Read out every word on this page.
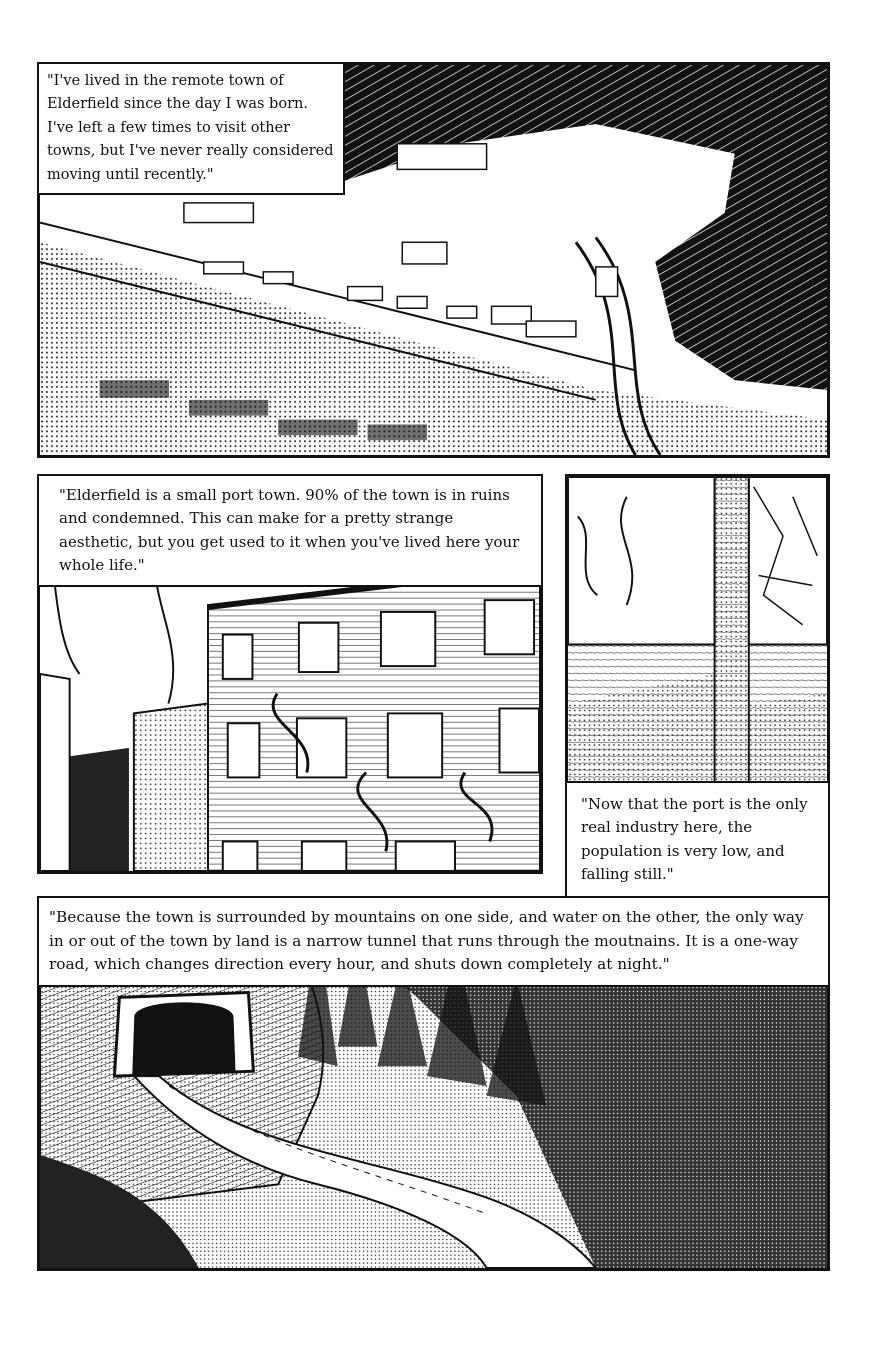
"I've lived in the remote town of Elderfield since the day I was born. I've left a few times to visit other towns, but I've never really considered moving until recently."
"Elderfield is a small port town. 90% of the town is in ruins and condemned. This can make for a pretty strange aesthetic, but you get used to it when you've lived here your whole life."
"Now that the port is the only real industry here, the population is very low, and falling still."
"Because the town is surrounded by mountains on one side, and water on the other, the only way in or out of the town by land is a narrow tunnel that runs through the moutnains. It is a one-way road, which changes direction every hour, and shuts down completely at night."
